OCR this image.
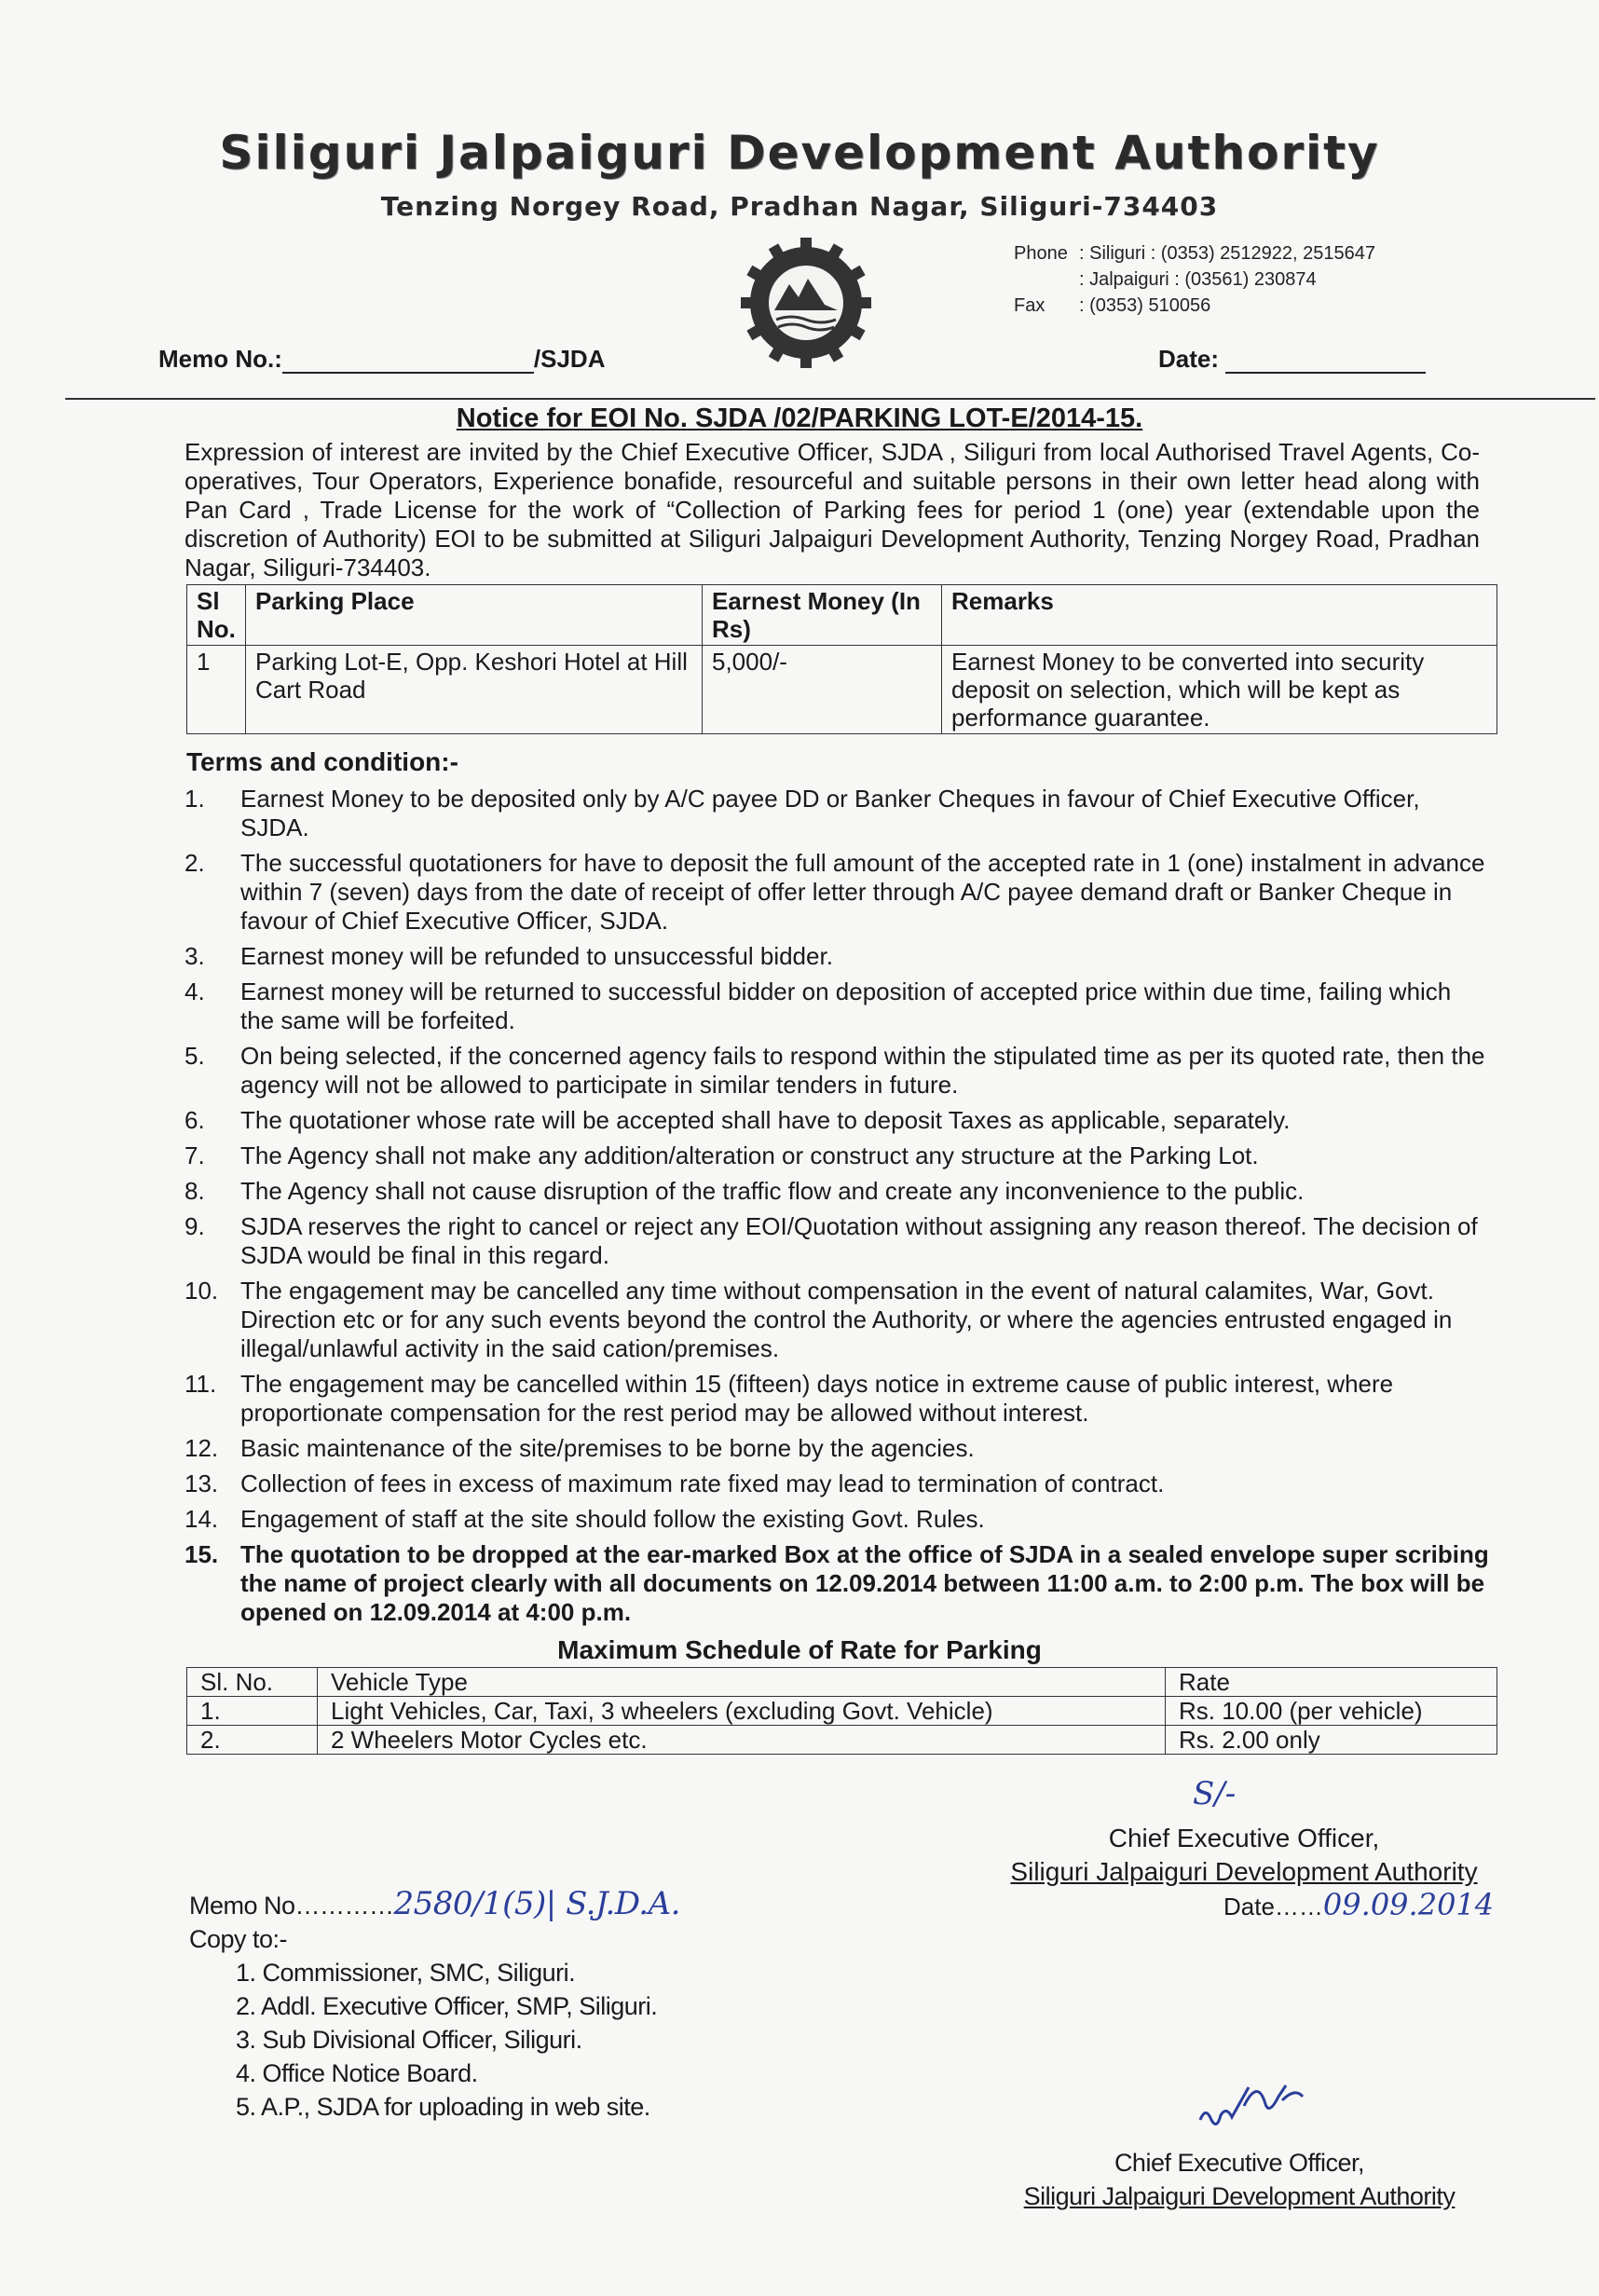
Siliguri Jalpaiguri Development Authority
Tenzing Norgey Road, Pradhan Nagar, Siliguri-734403
Phone : Siliguri : (0353) 2512922, 2515647
: Jalpaiguri : (03561) 230874
Fax : (0353) 510056
Memo No.:	/SJDA	Date:
Notice for EOI No. SJDA /02/PARKING LOT-E/2014-15.
Expression of interest are invited by the Chief Executive Officer, SJDA , Siliguri from local Authorised Travel Agents, Co-operatives, Tour Operators, Experience bonafide, resourceful and suitable persons in their own letter head along with Pan Card , Trade License for the work of “Collection of Parking fees for period 1 (one) year (extendable upon the discretion of Authority) EOI to be submitted at Siliguri Jalpaiguri Development Authority, Tenzing Norgey Road, Pradhan Nagar, Siliguri-734403.
Sl No.	Parking Place	Earnest Money (In Rs)	Remarks
1	Parking Lot-E, Opp. Keshori Hotel at Hill Cart Road	5,000/-	Earnest Money to be converted into security deposit on selection, which will be kept as performance guarantee.
Terms and condition:-
1.	Earnest Money to be deposited only by A/C payee DD or Banker Cheques in favour of Chief Executive Officer, SJDA.
2.	The successful quotationers for have to deposit the full amount of the accepted rate in 1 (one) instalment in advance within 7 (seven) days from the date of receipt of offer letter through A/C payee demand draft or Banker Cheque in favour of Chief Executive Officer, SJDA.
3.	Earnest money will be refunded to unsuccessful bidder.
4.	Earnest money will be returned to successful bidder on deposition of accepted price within due time, failing which the same will be forfeited.
5.	On being selected, if the concerned agency fails to respond within the stipulated time as per its quoted rate, then the agency will not be allowed to participate in similar tenders in future.
6.	The quotationer whose rate will be accepted shall have to deposit Taxes as applicable, separately.
7.	The Agency shall not make any addition/alteration or construct any structure at the Parking Lot.
8.	The Agency shall not cause disruption of the traffic flow and create any inconvenience to the public.
9.	SJDA reserves the right to cancel or reject any EOI/Quotation without assigning any reason thereof. The decision of SJDA would be final in this regard.
10. The engagement may be cancelled any time without compensation in the event of natural calamites, War, Govt. Direction etc or for any such events beyond the control the Authority, or where the agencies entrusted engaged in illegal/unlawful activity in the said cation/premises.
11. The engagement may be cancelled within 15 (fifteen) days notice in extreme cause of public interest, where proportionate compensation for the rest period may be allowed without interest.
12. Basic maintenance of the site/premises to be borne by the agencies.
13. Collection of fees in excess of maximum rate fixed may lead to termination of contract.
14. Engagement of staff at the site should follow the existing Govt. Rules.
15. The quotation to be dropped at the ear-marked Box at the office of SJDA in a sealed envelope super scribing the name of project clearly with all documents on 12.09.2014 between 11:00 a.m. to 2:00 p.m. The box will be opened on 12.09.2014 at 4:00 p.m.
Maximum Schedule of Rate for Parking
Sl. No.	Vehicle Type	Rate
1.	Light Vehicles, Car, Taxi, 3 wheelers (excluding Govt. Vehicle)	Rs. 10.00 (per vehicle)
2.	2 Wheelers Motor Cycles etc.	Rs. 2.00 only
S/-
Chief Executive Officer,
Siliguri Jalpaiguri Development Authority
Date……09.09.2014
Memo No…………2580/1(5)| S.J.D.A.
Copy to:-
1. Commissioner, SMC, Siliguri.
2. Addl. Executive Officer, SMP, Siliguri.
3. Sub Divisional Officer, Siliguri.
4. Office Notice Board.
5. A.P., SJDA for uploading in web site.
Chief Executive Officer,
Siliguri Jalpaiguri Development Authority
